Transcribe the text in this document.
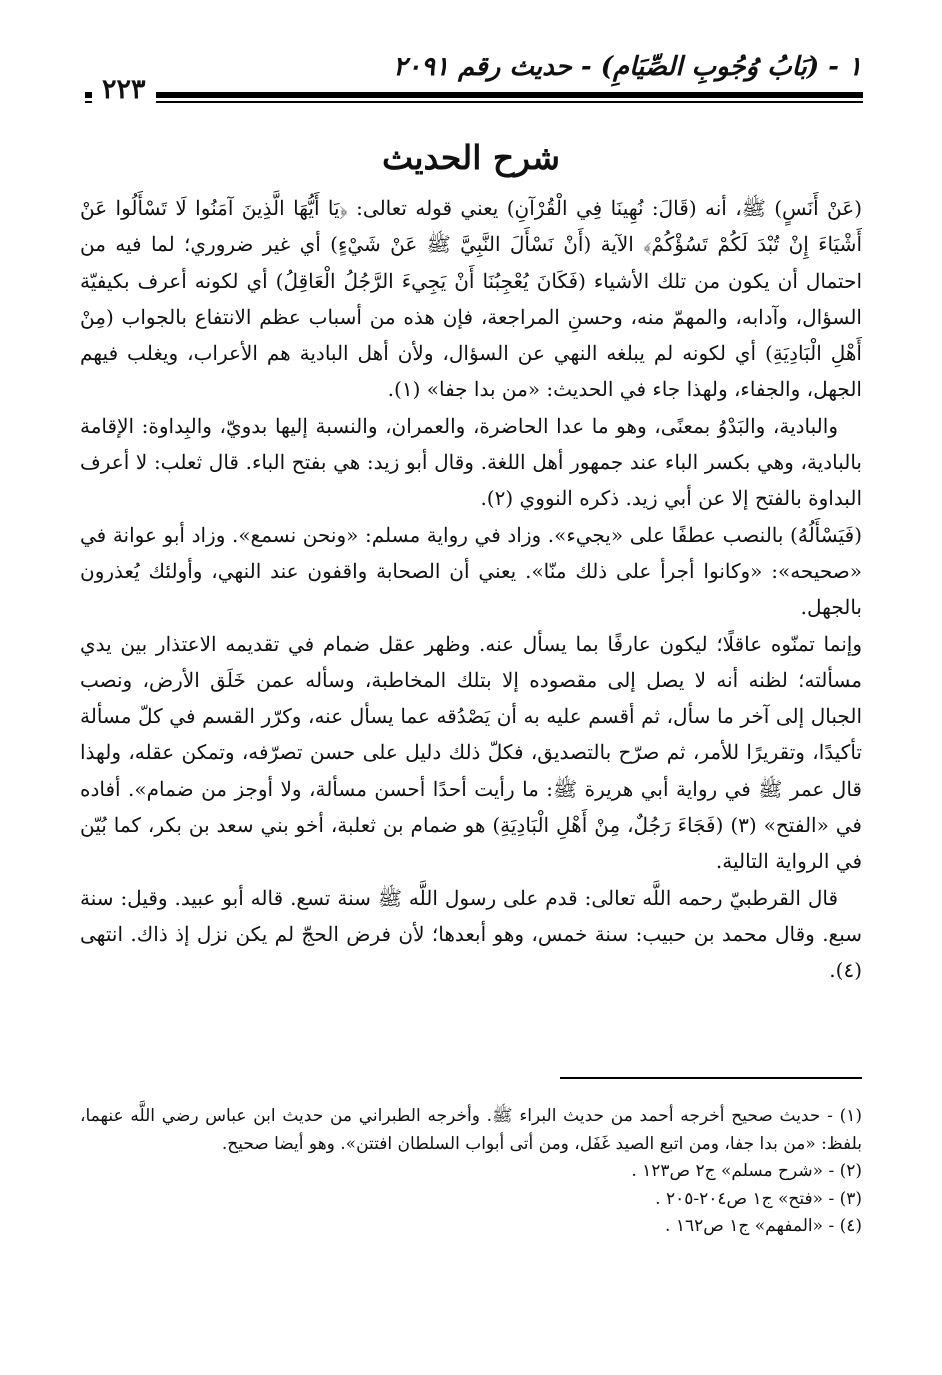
١ - (بَابُ وُجُوبِ الصِّيَامِ) - حديث رقم ٢٠٩١
٢٢٣
شرح الحديث

(عَنْ أَنَسٍ) ﷺ، أنه (قَالَ: نُهِينَا فِي الْقُرْآنِ) يعني قوله تعالى: ﴿يَا أَيُّهَا الَّذِينَ آمَنُوا لَا تَسْأَلُوا عَنْ أَشْيَاءَ إِنْ تُبْدَ لَكُمْ تَسُؤْكُمْ﴾ الآية (أَنْ نَسْأَلَ النَّبِيَّ ﷺ عَنْ شَيْءٍ) أي غير ضروري؛ لما فيه من احتمال أن يكون من تلك الأشياء (فَكَانَ يُعْجِبُنَا أَنْ يَجِيءَ الرَّجُلُ الْعَاقِلُ) أي لكونه أعرف بكيفيّة السؤال، وآدابه، والمهمّ منه، وحسنِ المراجعة، فإن هذه من أسباب عظم الانتفاع بالجواب (مِنْ أَهْلِ الْبَادِيَةِ) أي لكونه لم يبلغه النهي عن السؤال، ولأن أهل البادية هم الأعراب، ويغلب فيهم الجهل، والجفاء، ولهذا جاء في الحديث: «من بدا جفا» (١).

والبادية، والبَدْوُ بمعنًى، وهو ما عدا الحاضرة، والعمران، والنسبة إليها بدويّ، والبِداوة: الإقامة بالبادية، وهي بكسر الباء عند جمهور أهل اللغة. وقال أبو زيد: هي بفتح الباء. قال ثعلب: لا أعرف البداوة بالفتح إلا عن أبي زيد. ذكره النووي (٢).

(فَيَسْأَلُهُ) بالنصب عطفًا على «يجيء». وزاد في رواية مسلم: «ونحن نسمع». وزاد أبو عوانة في «صحيحه»: «وكانوا أجرأ على ذلك منّا». يعني أن الصحابة واقفون عند النهي، وأولئك يُعذرون بالجهل.

وإنما تمنّوه عاقلًا؛ ليكون عارفًا بما يسأل عنه. وظهر عقل ضمام في تقديمه الاعتذار بين يدي مسألته؛ لظنه أنه لا يصل إلى مقصوده إلا بتلك المخاطبة، وسأله عمن خَلَق الأرض، ونصب الجبال إلى آخر ما سأل، ثم أقسم عليه به أن يَصْدُقه عما يسأل عنه، وكرّر القسم في كلّ مسألة تأكيدًا، وتقريرًا للأمر، ثم صرّح بالتصديق، فكلّ ذلك دليل على حسن تصرّفه، وتمكن عقله، ولهذا قال عمر ﷺ في رواية أبي هريرة ﷺ: ما رأيت أحدًا أحسن مسألة، ولا أوجز من ضمام». أفاده في «الفتح» (٣) (فَجَاءَ رَجُلٌ، مِنْ أَهْلِ الْبَادِيَةِ) هو ضمام بن ثعلبة، أخو بني سعد بن بكر، كما بُيّن في الرواية التالية.

قال القرطبيّ رحمه اللَّه تعالى: قدم على رسول اللَّه ﷺ سنة تسع. قاله أبو عبيد. وقيل: سنة سبع. وقال محمد بن حبيب: سنة خمس، وهو أبعدها؛ لأن فرض الحجّ لم يكن نزل إذ ذاك. انتهى (٤).

(١) - حديث صحيح أخرجه أحمد من حديث البراء ﷺ. وأخرجه الطبراني من حديث ابن عباس رضي اللَّه عنهما، بلفظ: «من بدا جفا، ومن اتبع الصيد غَفَل، ومن أتى أبواب السلطان افتتن». وهو أيضا صحيح.

(٢) - «شرح مسلم» ج٢ ص١٢٣ .

(٣) - «فتح» ج١ ص٢٠٤-٢٠٥ .

(٤) - «المفهم» ج١ ص١٦٢ .
